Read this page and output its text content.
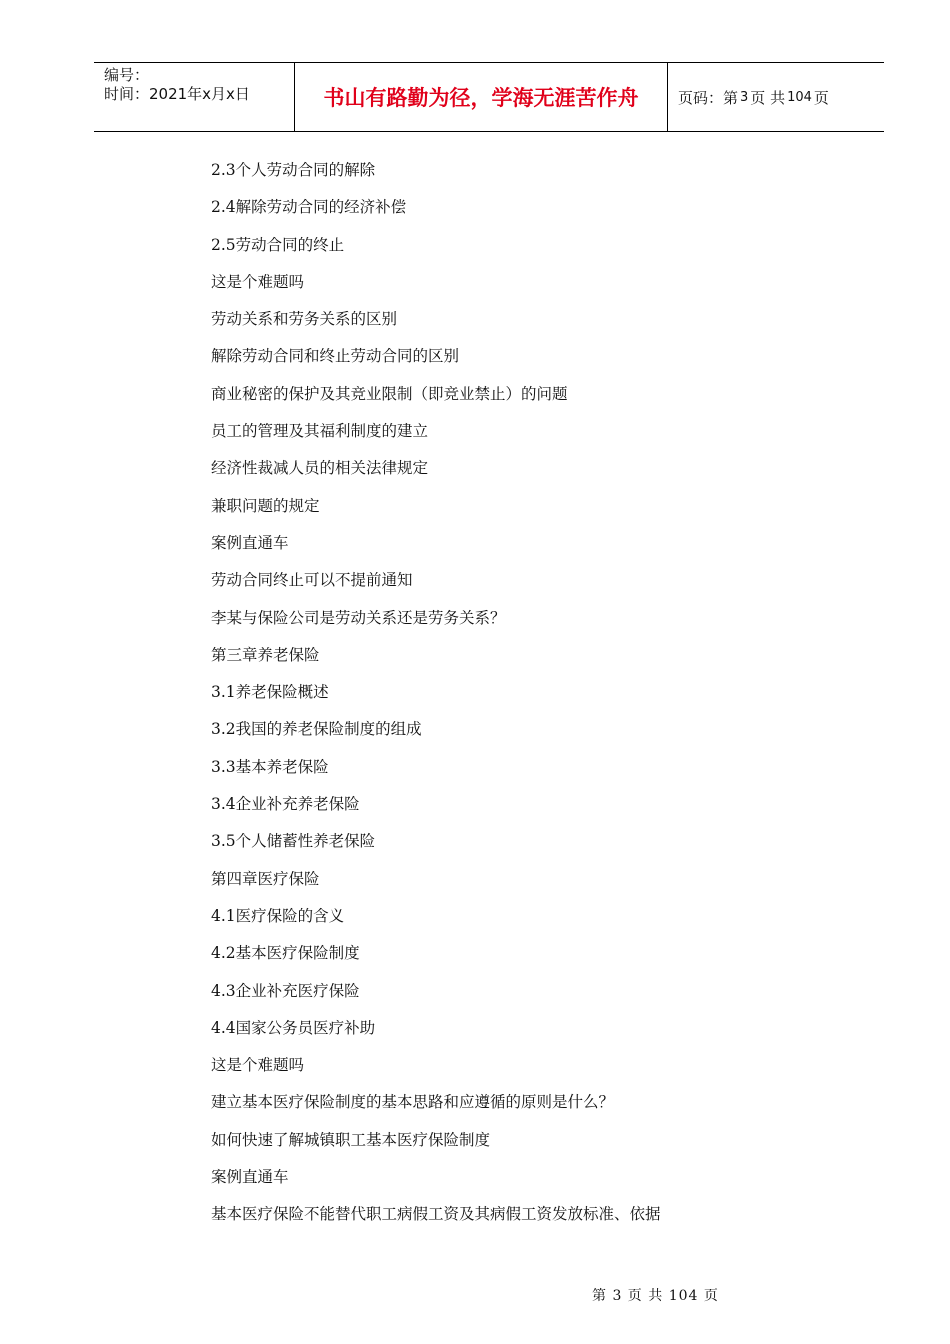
编号：
时间：2021年x月x日	书山有路勤为径，学海无涯苦作舟	页码：第 3 页 共 104 页
2.3个人劳动合同的解除
2.4解除劳动合同的经济补偿
2.5劳动合同的终止
这是个难题吗
劳动关系和劳务关系的区别
解除劳动合同和终止劳动合同的区别
商业秘密的保护及其竞业限制（即竞业禁止）的问题
员工的管理及其福利制度的建立
经济性裁减人员的相关法律规定
兼职问题的规定
案例直通车
劳动合同终止可以不提前通知
李某与保险公司是劳动关系还是劳务关系？
第三章养老保险
3.1养老保险概述
3.2我国的养老保险制度的组成
3.3基本养老保险
3.4企业补充养老保险
3.5个人储蓄性养老保险
第四章医疗保险
4.1医疗保险的含义
4.2基本医疗保险制度
4.3企业补充医疗保险
4.4国家公务员医疗补助
这是个难题吗
建立基本医疗保险制度的基本思路和应遵循的原则是什么？
如何快速了解城镇职工基本医疗保险制度
案例直通车
基本医疗保险不能替代职工病假工资及其病假工资发放标准、依据
第 3 页 共 104 页
